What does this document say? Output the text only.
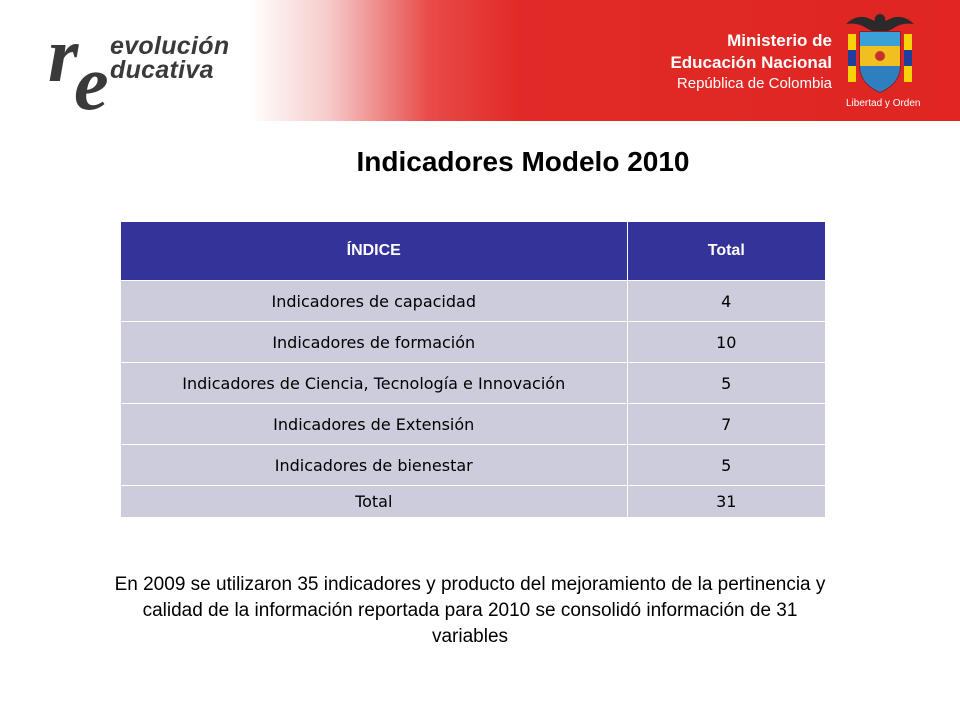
r
e evolución
ducativa
Ministerio de
Educación Nacional
República de Colombia
Libertad y Orden
Indicadores Modelo 2010
ÍNDICE	Total
Indicadores de capacidad	4
Indicadores de formación	10
Indicadores de Ciencia, Tecnología e Innovación	5
Indicadores de Extensión	7
Indicadores de bienestar	5
Total	31
En 2009 se utilizaron 35 indicadores y producto del mejoramiento de la pertinencia y calidad de la información reportada para 2010 se consolidó información de 31 variables
